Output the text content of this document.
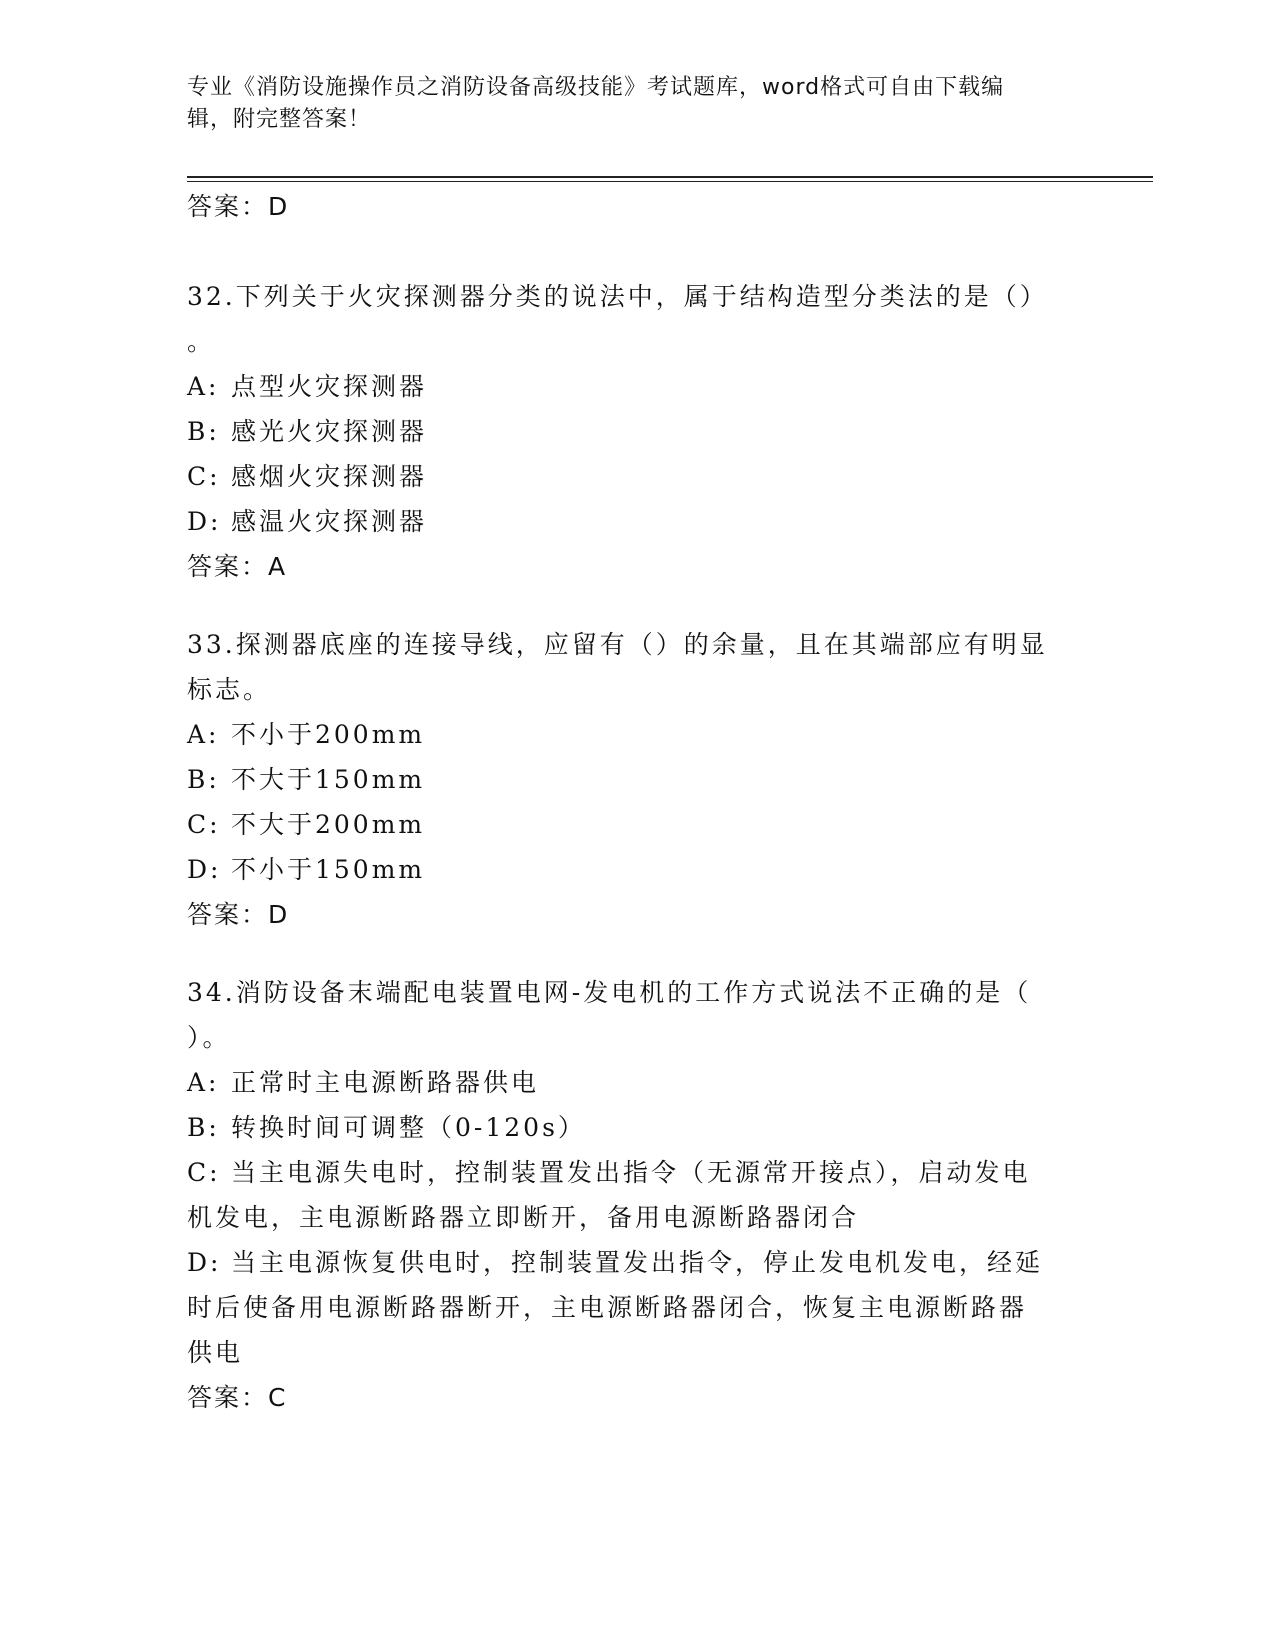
专业《消防设施操作员之消防设备高级技能》考试题库，word格式可自由下载编
辑，附完整答案！
答案：D
32.下列关于火灾探测器分类的说法中，属于结构造型分类法的是（）
。
A: 点型火灾探测器
B: 感光火灾探测器
C: 感烟火灾探测器
D: 感温火灾探测器
答案：A
33.探测器底座的连接导线，应留有（）的余量，且在其端部应有明显
标志。
A: 不小于200mm
B: 不大于150mm
C: 不大于200mm
D: 不小于150mm
答案：D
34.消防设备末端配电装置电网-发电机的工作方式说法不正确的是（
）。
A: 正常时主电源断路器供电
B: 转换时间可调整（0-120s）
C: 当主电源失电时，控制装置发出指令（无源常开接点），启动发电
机发电，主电源断路器立即断开，备用电源断路器闭合
D: 当主电源恢复供电时，控制装置发出指令，停止发电机发电，经延
时后使备用电源断路器断开，主电源断路器闭合，恢复主电源断路器
供电
答案：C
